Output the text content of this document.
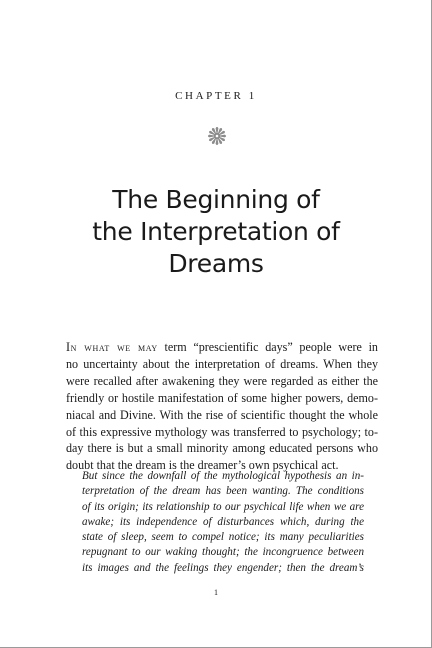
CHAPTER 1
The Beginning of
the Interpretation of
Dreams
In what we may term “prescientific days” people were in
no uncertainty about the interpretation of dreams. When they
were recalled after awakening they were regarded as either the
friendly or hostile manifestation of some higher powers, demo-
niacal and Divine. With the rise of scientific thought the whole
of this expressive mythology was transferred to psychology; to-
day there is but a small minority among educated persons who
doubt that the dream is the dreamer’s own psychical act.
But since the downfall of the mythological hypothesis an in-
terpretation of the dream has been wanting. The conditions
of its origin; its relationship to our psychical life when we are
awake; its independence of disturbances which, during the
state of sleep, seem to compel notice; its many peculiarities
repugnant to our waking thought; the incongruence between
its images and the feelings they engender; then the dream’s
1
